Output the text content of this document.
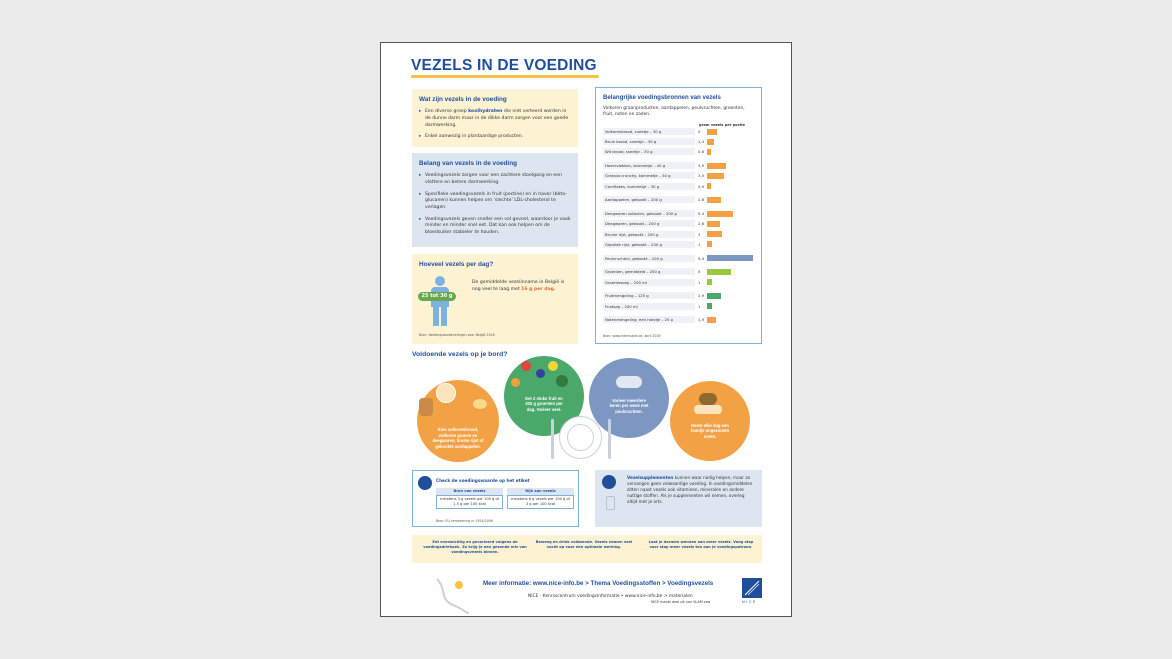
VEZELS IN DE VOEDING
Wat zijn vezels in de voeding
▸ Een diverse groep koolhydraten die niet verteerd worden in de dunne darm maar in de dikke darm zorgen voor een goede darmwerking.
▸ Enkel aanwezig in plantaardige producten.
Belang van vezels in de voeding
▸ Voedingsvezels zorgen voor een zachtere stoelgang en een vlottere en betere darmwerking.
▸ Specifieke voedingsvezels in fruit (pectine) en in haver (bèta-glucanen) kunnen helpen om 'slechte' LDL-cholesterol te verlagen.
▸ Voedingsvezels geven sneller een vol gevoel, waardoor je vaak minder en minder snel eet. Dat kan ook helpen om de bloedsuiker stabieler te houden.
Hoeveel vezels per dag?
25 tot 30 g
De gemiddelde vezelinname in België is nog veel te laag met 16 g per dag.
Bron: Voedingsaanbevelingen voor België 2016
Belangrijke voedingsbronnen van vezels
Volkoren graanproducten, aardappelen, peulvruchten, groenten, fruit, noten en zaden.
gram vezels per portie
Volkorenbrood, sneetje – 30 g	2
Bruin brood, sneetje – 30 g	1,4
Wit brood, sneetje – 30 g	0,8
Havervlokken, kommetje – 40 g	3,9
Granola crunchy, kommetje – 50 g	3,5
Cornflakes, kommetje – 30 g	0,9
Aardappelen, gekookt – 200 g	2,8
Deegwaren volkoren, gekookt – 200 g	5,4
Deegwaren, gekookt – 200 g	2,6
Bruine rijst, gekookt – 200 g	3
Gepelde rijst, gekookt – 200 g	1
Peulvruchten, gekookt – 100 g	9,4
Groenten, gemiddeld – 200 g	5
Groentesoep – 200 ml	1
Fruitmengeling – 125 g	2,9
Fruitsap – 200 ml	1
Notenmengeling, een handje – 25 g	1,9
Bron: www.internubel.be, april 2026
Voldoende vezels op je bord?
Eet 2 stuks fruit en 300 g groenten per dag. Varieer veel.
Kies volkorenbrood, volkoren granen en deegwaren, bruine rijst of gekookte aardappelen.
Varieer meerdere keren per week met peulvruchten.
Neem elke dag een handje ongezouten noten.
Check de voedingswaarde op het etiket
Bron van vezels
minstens 3 g vezels per 100 g of 1,5 g per 100 kcal
Rijk aan vezels
minstens 6 g vezels per 100 g of 3 g per 100 kcal
Bron: EU-verordening nr 1924/2006
Vezelsupplementen kunnen waar nodig helpen, maar zo vervangen geen volwaardige voeding. In voedingsmiddelen zitten naast vezels ook vitaminen, mineralen en andere nuttige stoffen. Als je supplementen wil nemen, overleg altijd met je arts.
Eet evenwichtig en gevarieerd volgens de voedingsdriehoek. Zo krijg je een gezonde mix van voedingsvezels binnen.
Beweeg en drink voldoende. Vezels nemen veel vocht op voor een optimale werking.
Laat je darmen wennen aan meer vezels. Voeg stap voor stap meer vezels toe aan je voedingspatroon.
Meer informatie: www.nice-info.be > Thema Voedingsstoffen > Voedingsvezels
NICE - Kenniscentrum voedingsinformatie • www.nice-info.be > materialen
NICE maakt deel uit van VLAM vzw	NICE
